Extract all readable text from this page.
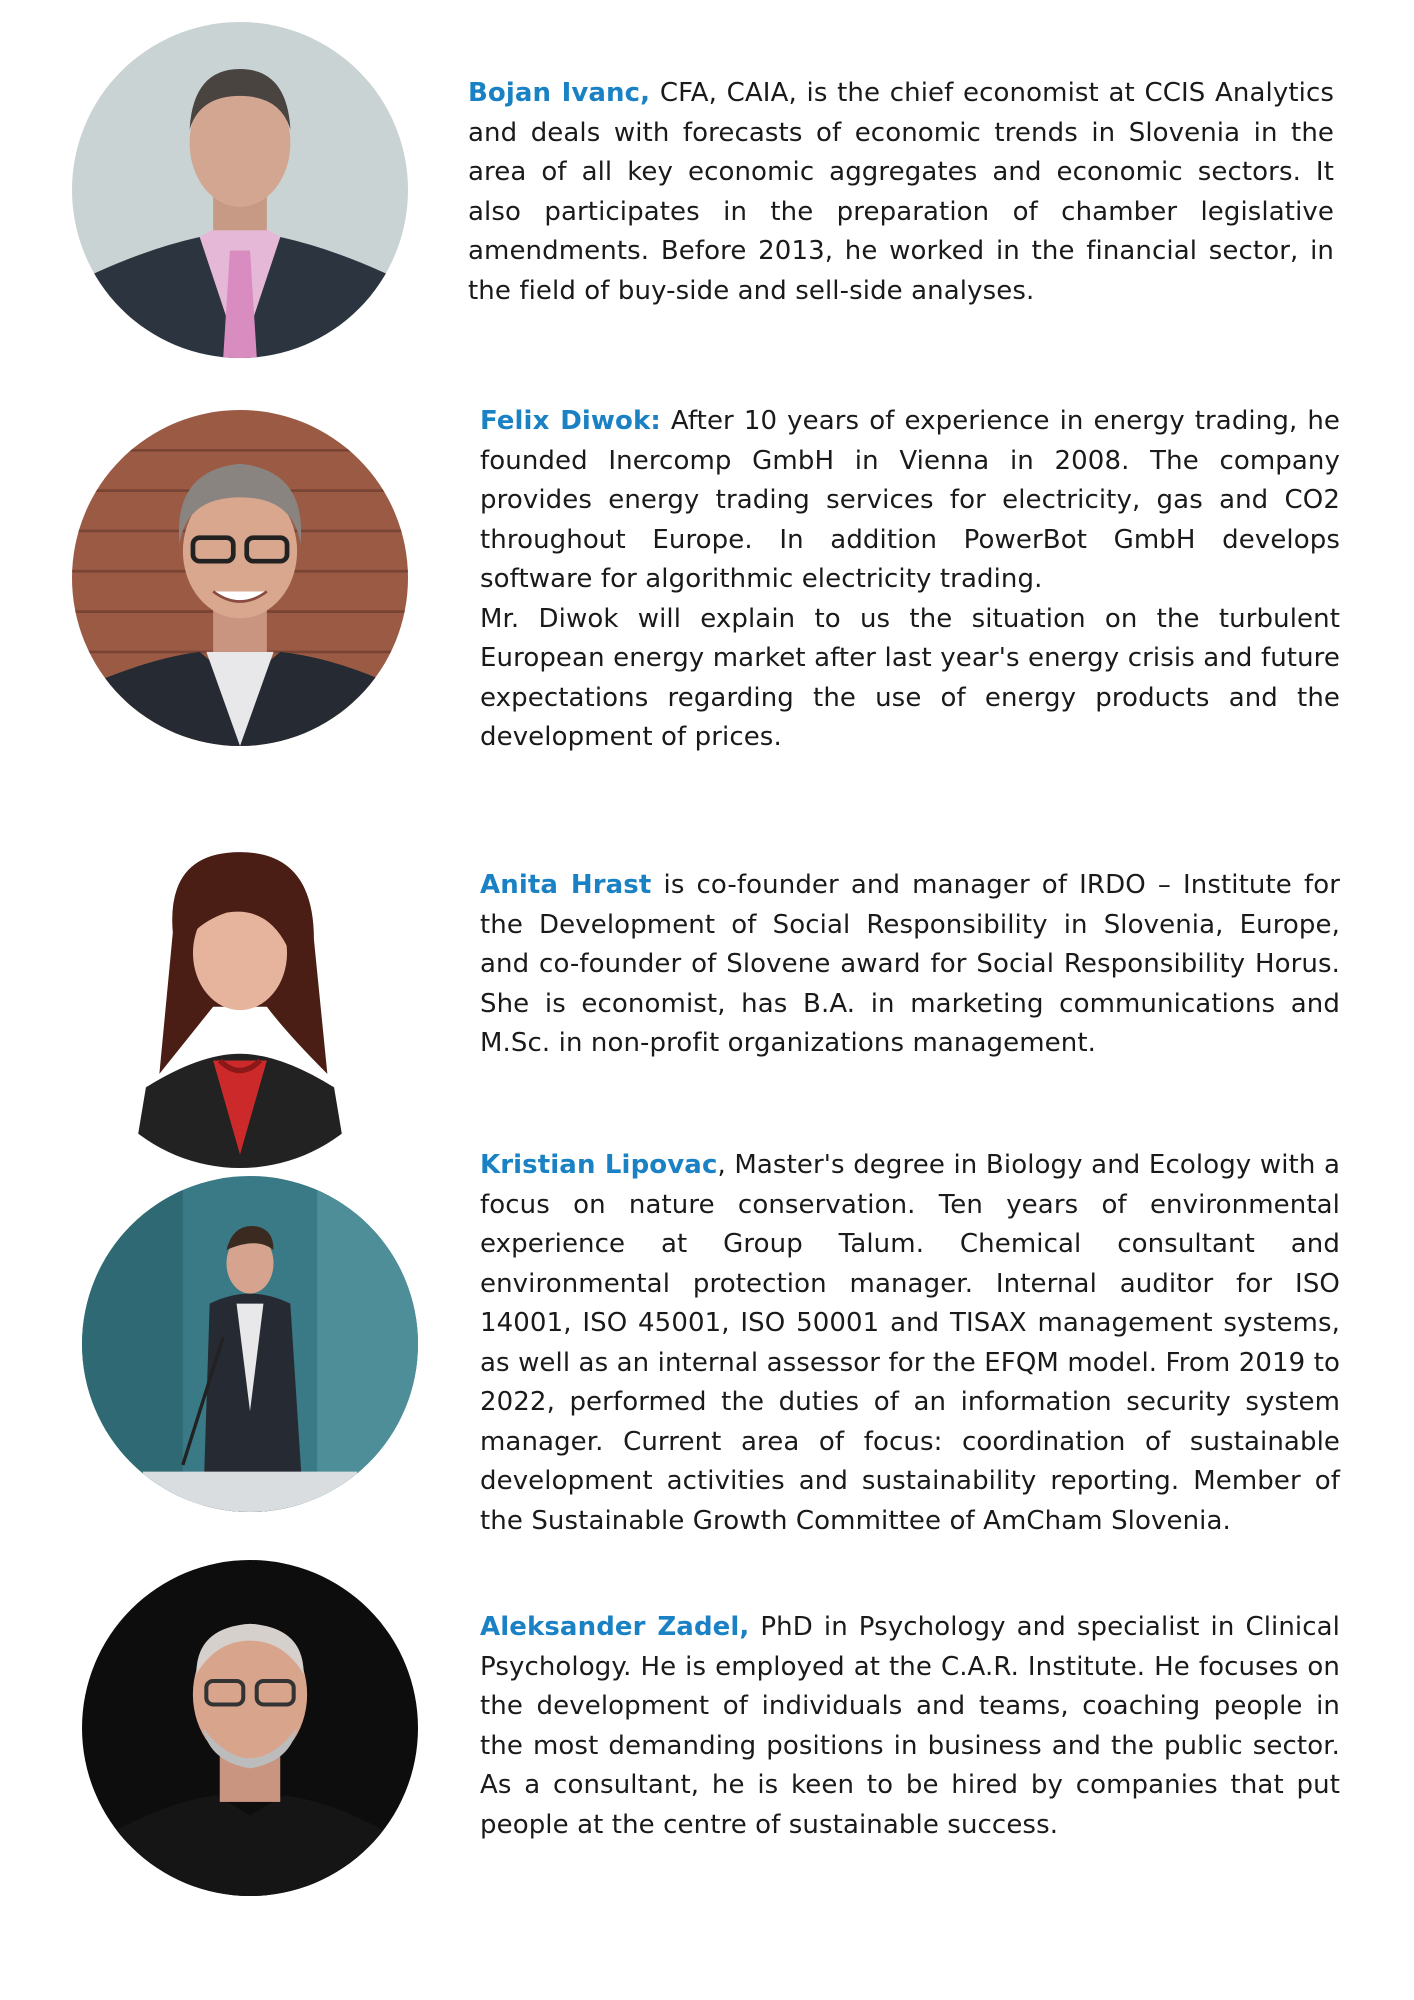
Bojan Ivanc, CFA, CAIA, is the chief economist at CCIS Analytics and deals with forecasts of economic trends in Slovenia in the area of all key economic aggregates and economic sectors. It also participates in the preparation of chamber legislative amendments. Before 2013, he worked in the financial sector, in the field of buy-side and sell-side analyses.
Felix Diwok: After 10 years of experience in energy trading, he founded Inercomp GmbH in Vienna in 2008. The company provides energy trading services for electricity, gas and CO2 throughout Europe. In addition PowerBot GmbH develops software for algorithmic electricity trading.
Mr. Diwok will explain to us the situation on the turbulent European energy market after last year's energy crisis and future expectations regarding the use of energy products and the development of prices.
Anita Hrast is co-founder and manager of IRDO – Institute for the Development of Social Responsibility in Slovenia, Europe, and co-founder of Slovene award for Social Responsibility Horus. She is economist, has B.A. in marketing communications and M.Sc. in non-profit organizations management.
Kristian Lipovac, Master's degree in Biology and Ecology with a focus on nature conservation. Ten years of environmental experience at Group Talum. Chemical consultant and environmental protection manager. Internal auditor for ISO 14001, ISO 45001, ISO 50001 and TISAX management systems, as well as an internal assessor for the EFQM model. From 2019 to 2022, performed the duties of an information security system manager. Current area of focus: coordination of sustainable development activities and sustainability reporting. Member of the Sustainable Growth Committee of AmCham Slovenia.
Aleksander Zadel, PhD in Psychology and specialist in Clinical Psychology. He is employed at the C.A.R. Institute. He focuses on the development of individuals and teams, coaching people in the most demanding positions in business and the public sector. As a consultant, he is keen to be hired by companies that put people at the centre of sustainable success.
